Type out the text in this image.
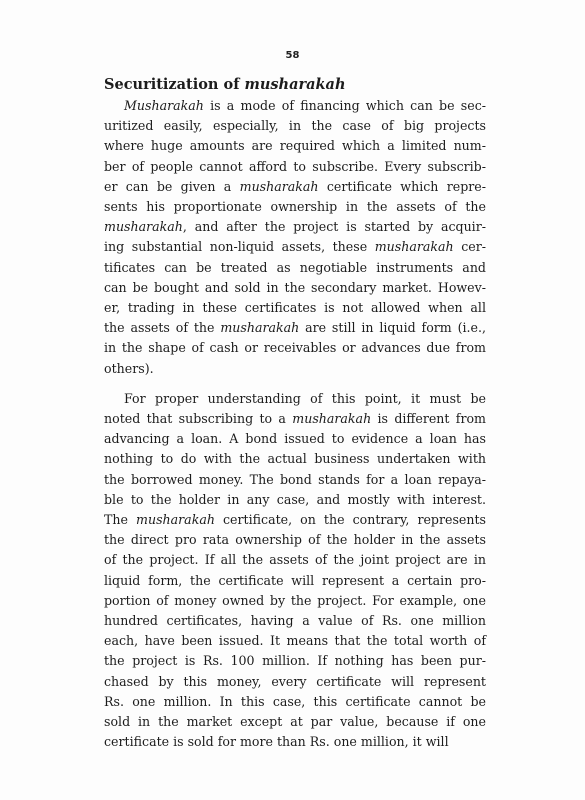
58
Securitization of musharakah
Musharakah is a mode of financing which can be sec-
uritized easily, especially, in the case of big projects
where huge amounts are required which a limited num-
ber of people cannot afford to subscribe. Every subscrib-
er can be given a musharakah certificate which repre-
sents his proportionate ownership in the assets of the
musharakah, and after the project is started by acquir-
ing substantial non-liquid assets, these musharakah cer-
tificates can be treated as negotiable instruments and
can be bought and sold in the secondary market. Howev-
er, trading in these certificates is not allowed when all
the assets of the musharakah are still in liquid form (i.e.,
in the shape of cash or receivables or advances due from
others).
For proper understanding of this point, it must be
noted that subscribing to a musharakah is different from
advancing a loan. A bond issued to evidence a loan has
nothing to do with the actual business undertaken with
the borrowed money. The bond stands for a loan repaya-
ble to the holder in any case, and mostly with interest.
The musharakah certificate, on the contrary, represents
the direct pro rata ownership of the holder in the assets
of the project. If all the assets of the joint project are in
liquid form, the certificate will represent a certain pro-
portion of money owned by the project. For example, one
hundred certificates, having a value of Rs. one million
each, have been issued. It means that the total worth of
the project is Rs. 100 million. If nothing has been pur-
chased by this money, every certificate will represent
Rs. one million. In this case, this certificate cannot be
sold in the market except at par value, because if one
certificate is sold for more than Rs. one million, it will
